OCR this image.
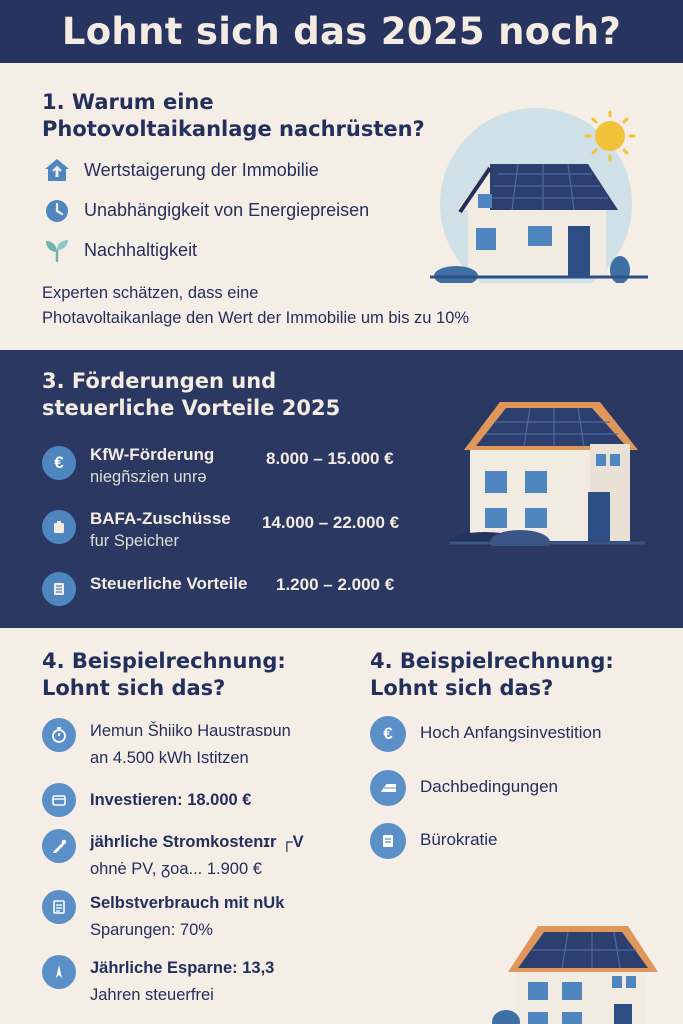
Lohnt sich das 2025 noch?
1. Warum eine
Photovoltaikanlage nachrüsten?
Wertstaigerung der Immobilie
Unabhängigkeit von Energiepreisen
Nachhaltigkeit
Experten schätzen, dass eine
Photavoltaikanlage den Wert der Immobilie um bis zu 10%
3. Förderungen und
steuerliche Vorteile 2025
€	KfW-Förderung
niegñszien unrə
8.000 – 15.000 €
BAFA-Zuschüsse
fur Speicher
14.000 – 22.000 €
Steuerliche Vorteile 1.200 – 2.000 €
4. Beispielrechnung:
Lohnt sich das?
Иemun Šhiiko Haustrasɒun
an 4.500 kWh Istitzen
Investieren: 18.000 €
jährliche Stromkostenɪr ┌V
ohnė PV, ᵹoa... 1.900 €
Selbstverbrauch mit nUk
Sparungen: 70%
Jährliche Esparne: 13,3
Jahren steuerfrei
4. Beispielrechnung:
Lohnt sich das?
€	Hoch Anfangsinvestition
Dachbedingungen
Bürokratie
